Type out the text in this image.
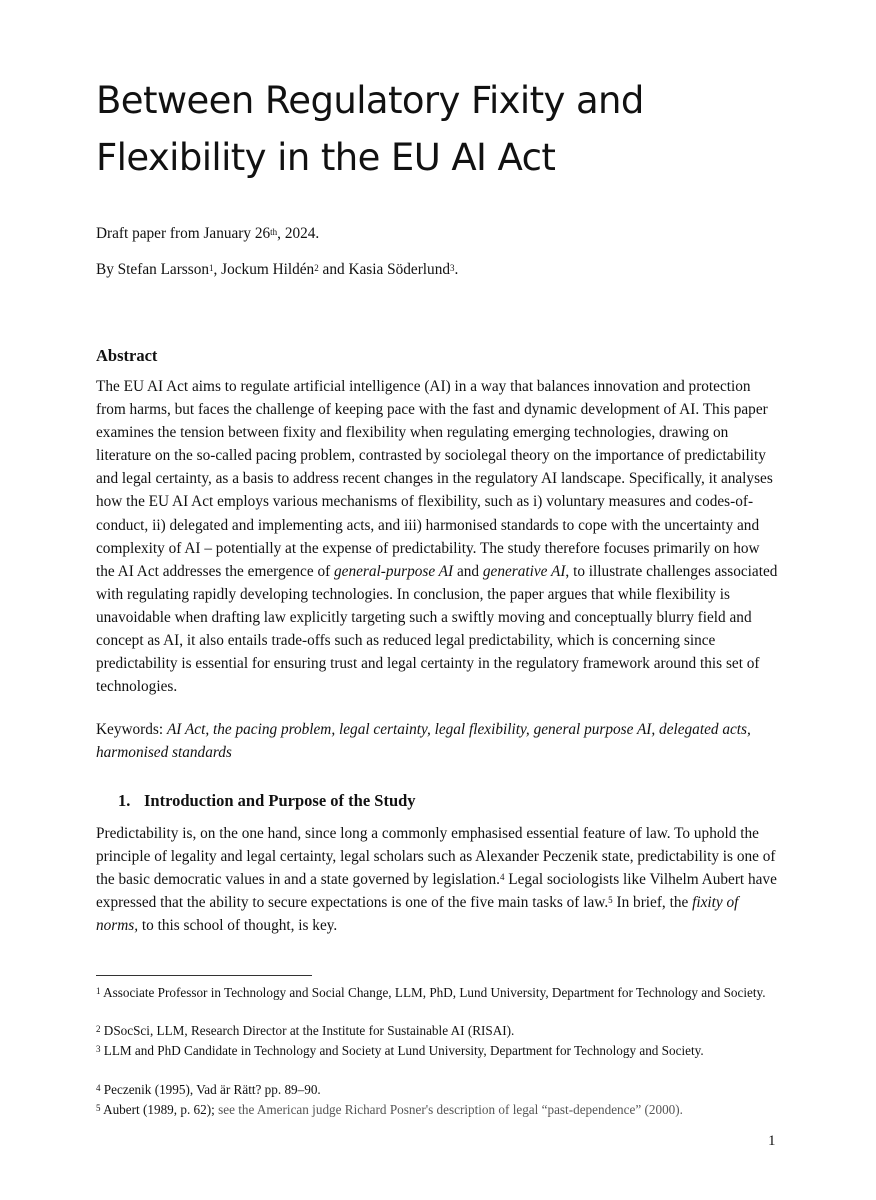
Between Regulatory Fixity and
Flexibility in the EU AI Act

Draft paper from January 26th, 2024.

By Stefan Larsson$^1$, Jockum Hildén$^2$ and Kasia Söderlund$^3$.

Abstract

The EU AI Act aims to regulate artificial intelligence (AI) in a way that balances innovation and protection from harms, but faces the challenge of keeping pace with the fast and dynamic development of AI. This paper examines the tension between fixity and flexibility when regulating emerging technologies, drawing on literature on the so-called pacing problem, contrasted by sociolegal theory on the importance of predictability and legal certainty, as a basis to address recent changes in the regulatory AI landscape. Specifically, it analyses how the EU AI Act employs various mechanisms of flexibility, such as i) voluntary measures and codes-of-conduct, ii) delegated and implementing acts, and iii) harmonised standards to cope with the uncertainty and complexity of AI – potentially at the expense of predictability. The study therefore focuses primarily on how the AI Act addresses the emergence of general-purpose AI and generative AI, to illustrate challenges associated with regulating rapidly developing technologies. In conclusion, the paper argues that while flexibility is unavoidable when drafting law explicitly targeting such a swiftly moving and conceptually blurry field and concept as AI, it also entails trade-offs such as reduced legal predictability, which is concerning since predictability is essential for ensuring trust and legal certainty in the regulatory framework around this set of technologies.

Keywords: AI Act, the pacing problem, legal certainty, legal flexibility, general purpose AI, delegated acts, harmonised standards

1. Introduction and Purpose of the Study

Predictability is, on the one hand, since long a commonly emphasised essential feature of law. To uphold the principle of legality and legal certainty, legal scholars such as Alexander Peczenik state, predictability is one of the basic democratic values in and a state governed by legislation.$^4$ Legal sociologists like Vilhelm Aubert have expressed that the ability to secure expectations is one of the five main tasks of law.$^5$ In brief, the fixity of norms, to this school of thought, is key.

$^1$ Associate Professor in Technology and Social Change, LLM, PhD, Lund University, Department for Technology and Society.

$^2$ DSocSci, LLM, Research Director at the Institute for Sustainable AI (RISAI).

$^3$ LLM and PhD Candidate in Technology and Society at Lund University, Department for Technology and Society.

$^4$ Peczenik (1995), Vad är Rätt? pp. 89–90.

$^5$ Aubert (1989, p. 62); see the American judge Richard Posner's description of legal “past-dependence” (2000).

1
